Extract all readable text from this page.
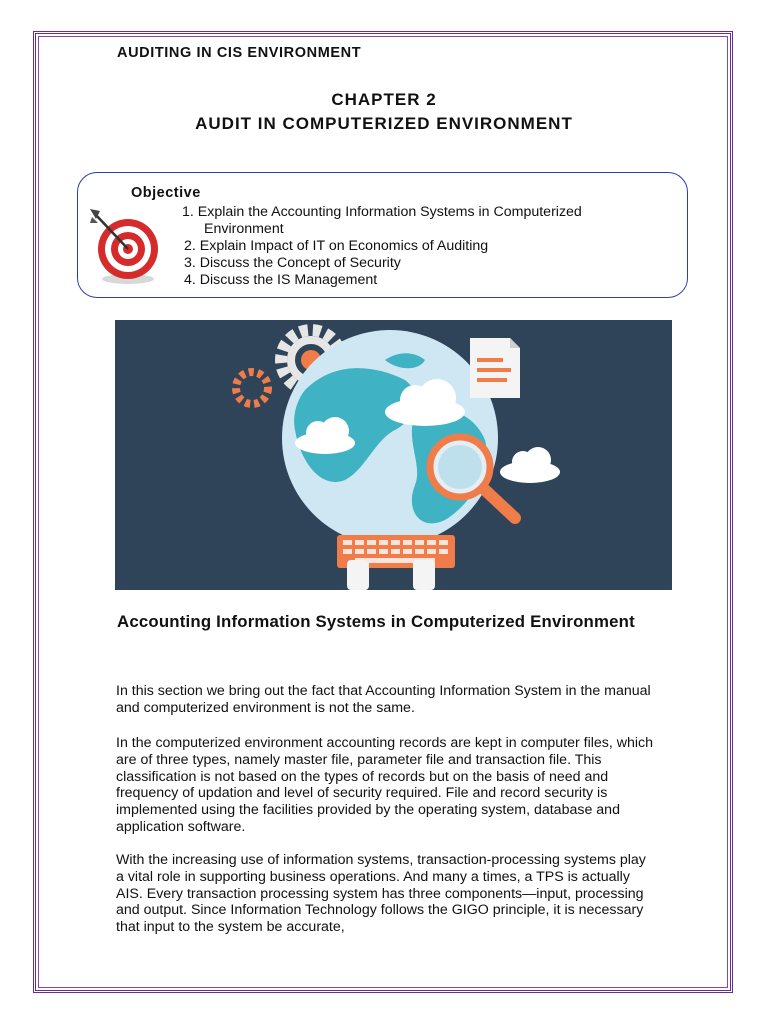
AUDITING IN CIS ENVIRONMENT
CHAPTER 2
AUDIT IN COMPUTERIZED ENVIRONMENT
Objective
1. Explain the Accounting Information Systems in Computerized
Environment
2. Explain Impact of IT on Economics of Auditing
3. Discuss the Concept of Security
4. Discuss the IS Management
Accounting Information Systems in Computerized Environment

In this section we bring out the fact that Accounting Information System in the manual and computerized environment is not the same.

In the computerized environment accounting records are kept in computer files, which are of three types, namely master file, parameter file and transaction file. This classification is not based on the types of records but on the basis of need and frequency of updation and level of security required. File and record security is implemented using the facilities provided by the operating system, database and application software.

With the increasing use of information systems, transaction-processing systems play a vital role in supporting business operations. And many a times, a TPS is actually AIS. Every transaction processing system has three components—input, processing and output. Since Information Technology follows the GIGO principle, it is necessary that input to the system be accurate,
